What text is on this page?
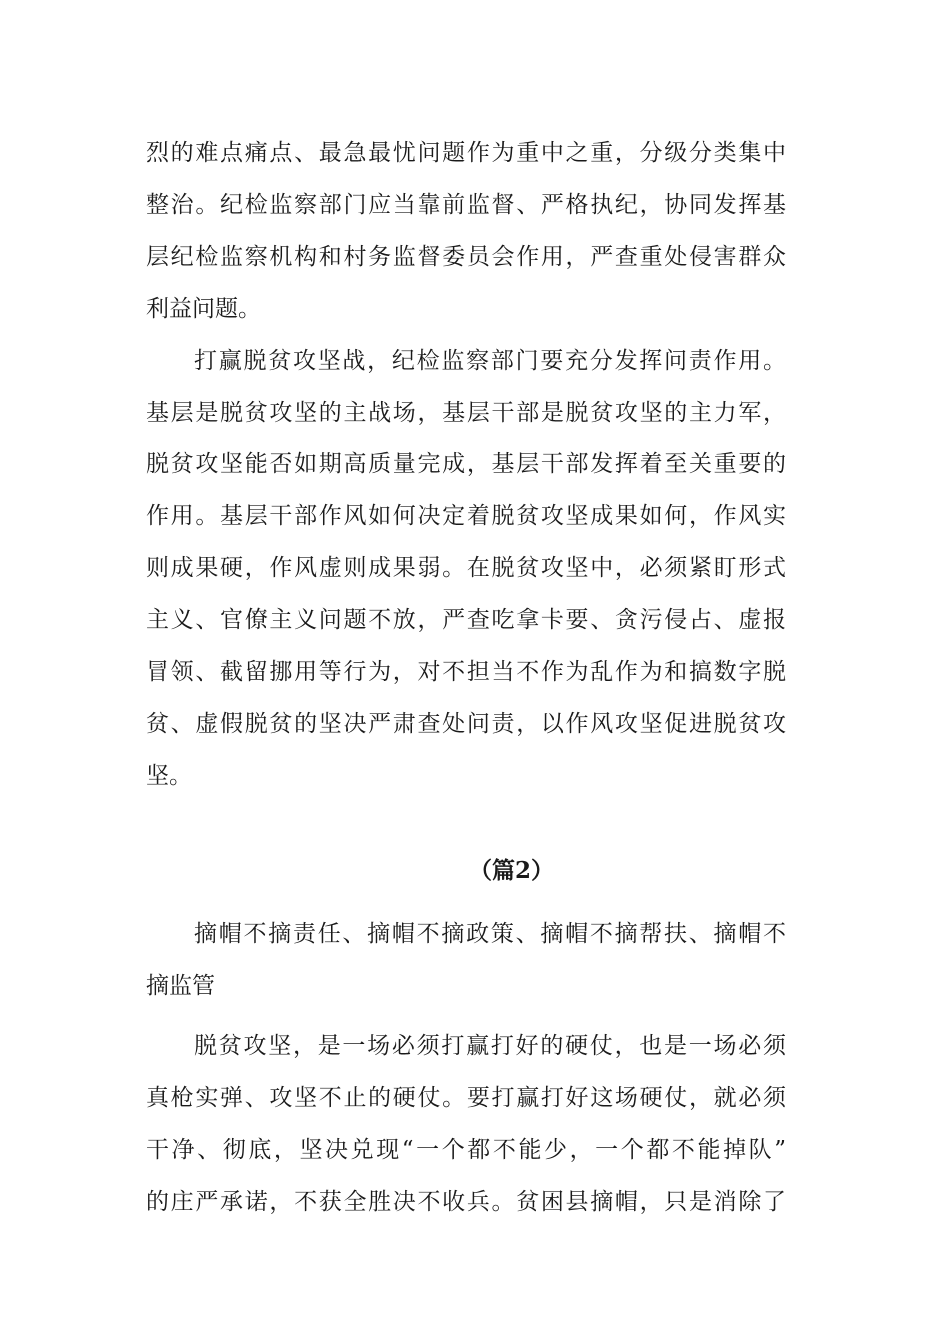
烈的难点痛点、最急最忧问题作为重中之重，分级分类集中
整治。纪检监察部门应当靠前监督、严格执纪，协同发挥基
层纪检监察机构和村务监督委员会作用，严查重处侵害群众
利益问题。
打赢脱贫攻坚战，纪检监察部门要充分发挥问责作用。
基层是脱贫攻坚的主战场，基层干部是脱贫攻坚的主力军，
脱贫攻坚能否如期高质量完成，基层干部发挥着至关重要的
作用。基层干部作风如何决定着脱贫攻坚成果如何，作风实
则成果硬，作风虚则成果弱。在脱贫攻坚中，必须紧盯形式
主义、官僚主义问题不放，严查吃拿卡要、贪污侵占、虚报
冒领、截留挪用等行为，对不担当不作为乱作为和搞数字脱
贫、虚假脱贫的坚决严肃查处问责，以作风攻坚促进脱贫攻
坚。
（篇2）
摘帽不摘责任、摘帽不摘政策、摘帽不摘帮扶、摘帽不
摘监管
脱贫攻坚，是一场必须打赢打好的硬仗，也是一场必须
真枪实弹、攻坚不止的硬仗。要打赢打好这场硬仗，就必须
干净、彻底，坚决兑现“一个都不能少，一个都不能掉队”
的庄严承诺，不获全胜决不收兵。贫困县摘帽，只是消除了
